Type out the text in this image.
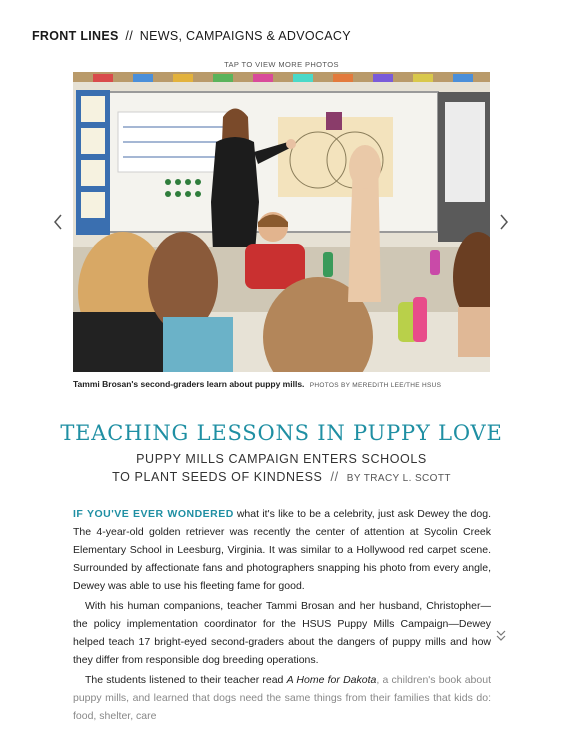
FRONT LINES // NEWS, CAMPAIGNS & ADVOCACY
TAP TO VIEW MORE PHOTOS
Tammi Brosan's second-graders learn about puppy mills. PHOTOS BY MEREDITH LEE/THE HSUS
TEACHING LESSONS IN PUPPY LOVE
PUPPY MILLS CAMPAIGN ENTERS SCHOOLS
TO PLANT SEEDS OF KINDNESS // BY TRACY L. SCOTT

IF YOU'VE EVER WONDERED what it's like to be a celebrity, just ask Dewey the dog. The 4-year-old golden retriever was recently the center of attention at Sycolin Creek Elementary School in Leesburg, Virginia. It was similar to a Hollywood red carpet scene. Surrounded by affectionate fans and photographers snapping his photo from every angle, Dewey was able to use his fleeting fame for good.

With his human companions, teacher Tammi Brosan and her husband, Christopher—the policy implementation coordinator for the HSUS Puppy Mills Campaign—Dewey helped teach 17 bright-eyed second-graders about the dangers of puppy mills and how they differ from responsible dog breeding operations.

The students listened to their teacher read A Home for Dakota, a children's book about puppy mills, and learned that dogs need the same things from their families that kids do: food, shelter, care
